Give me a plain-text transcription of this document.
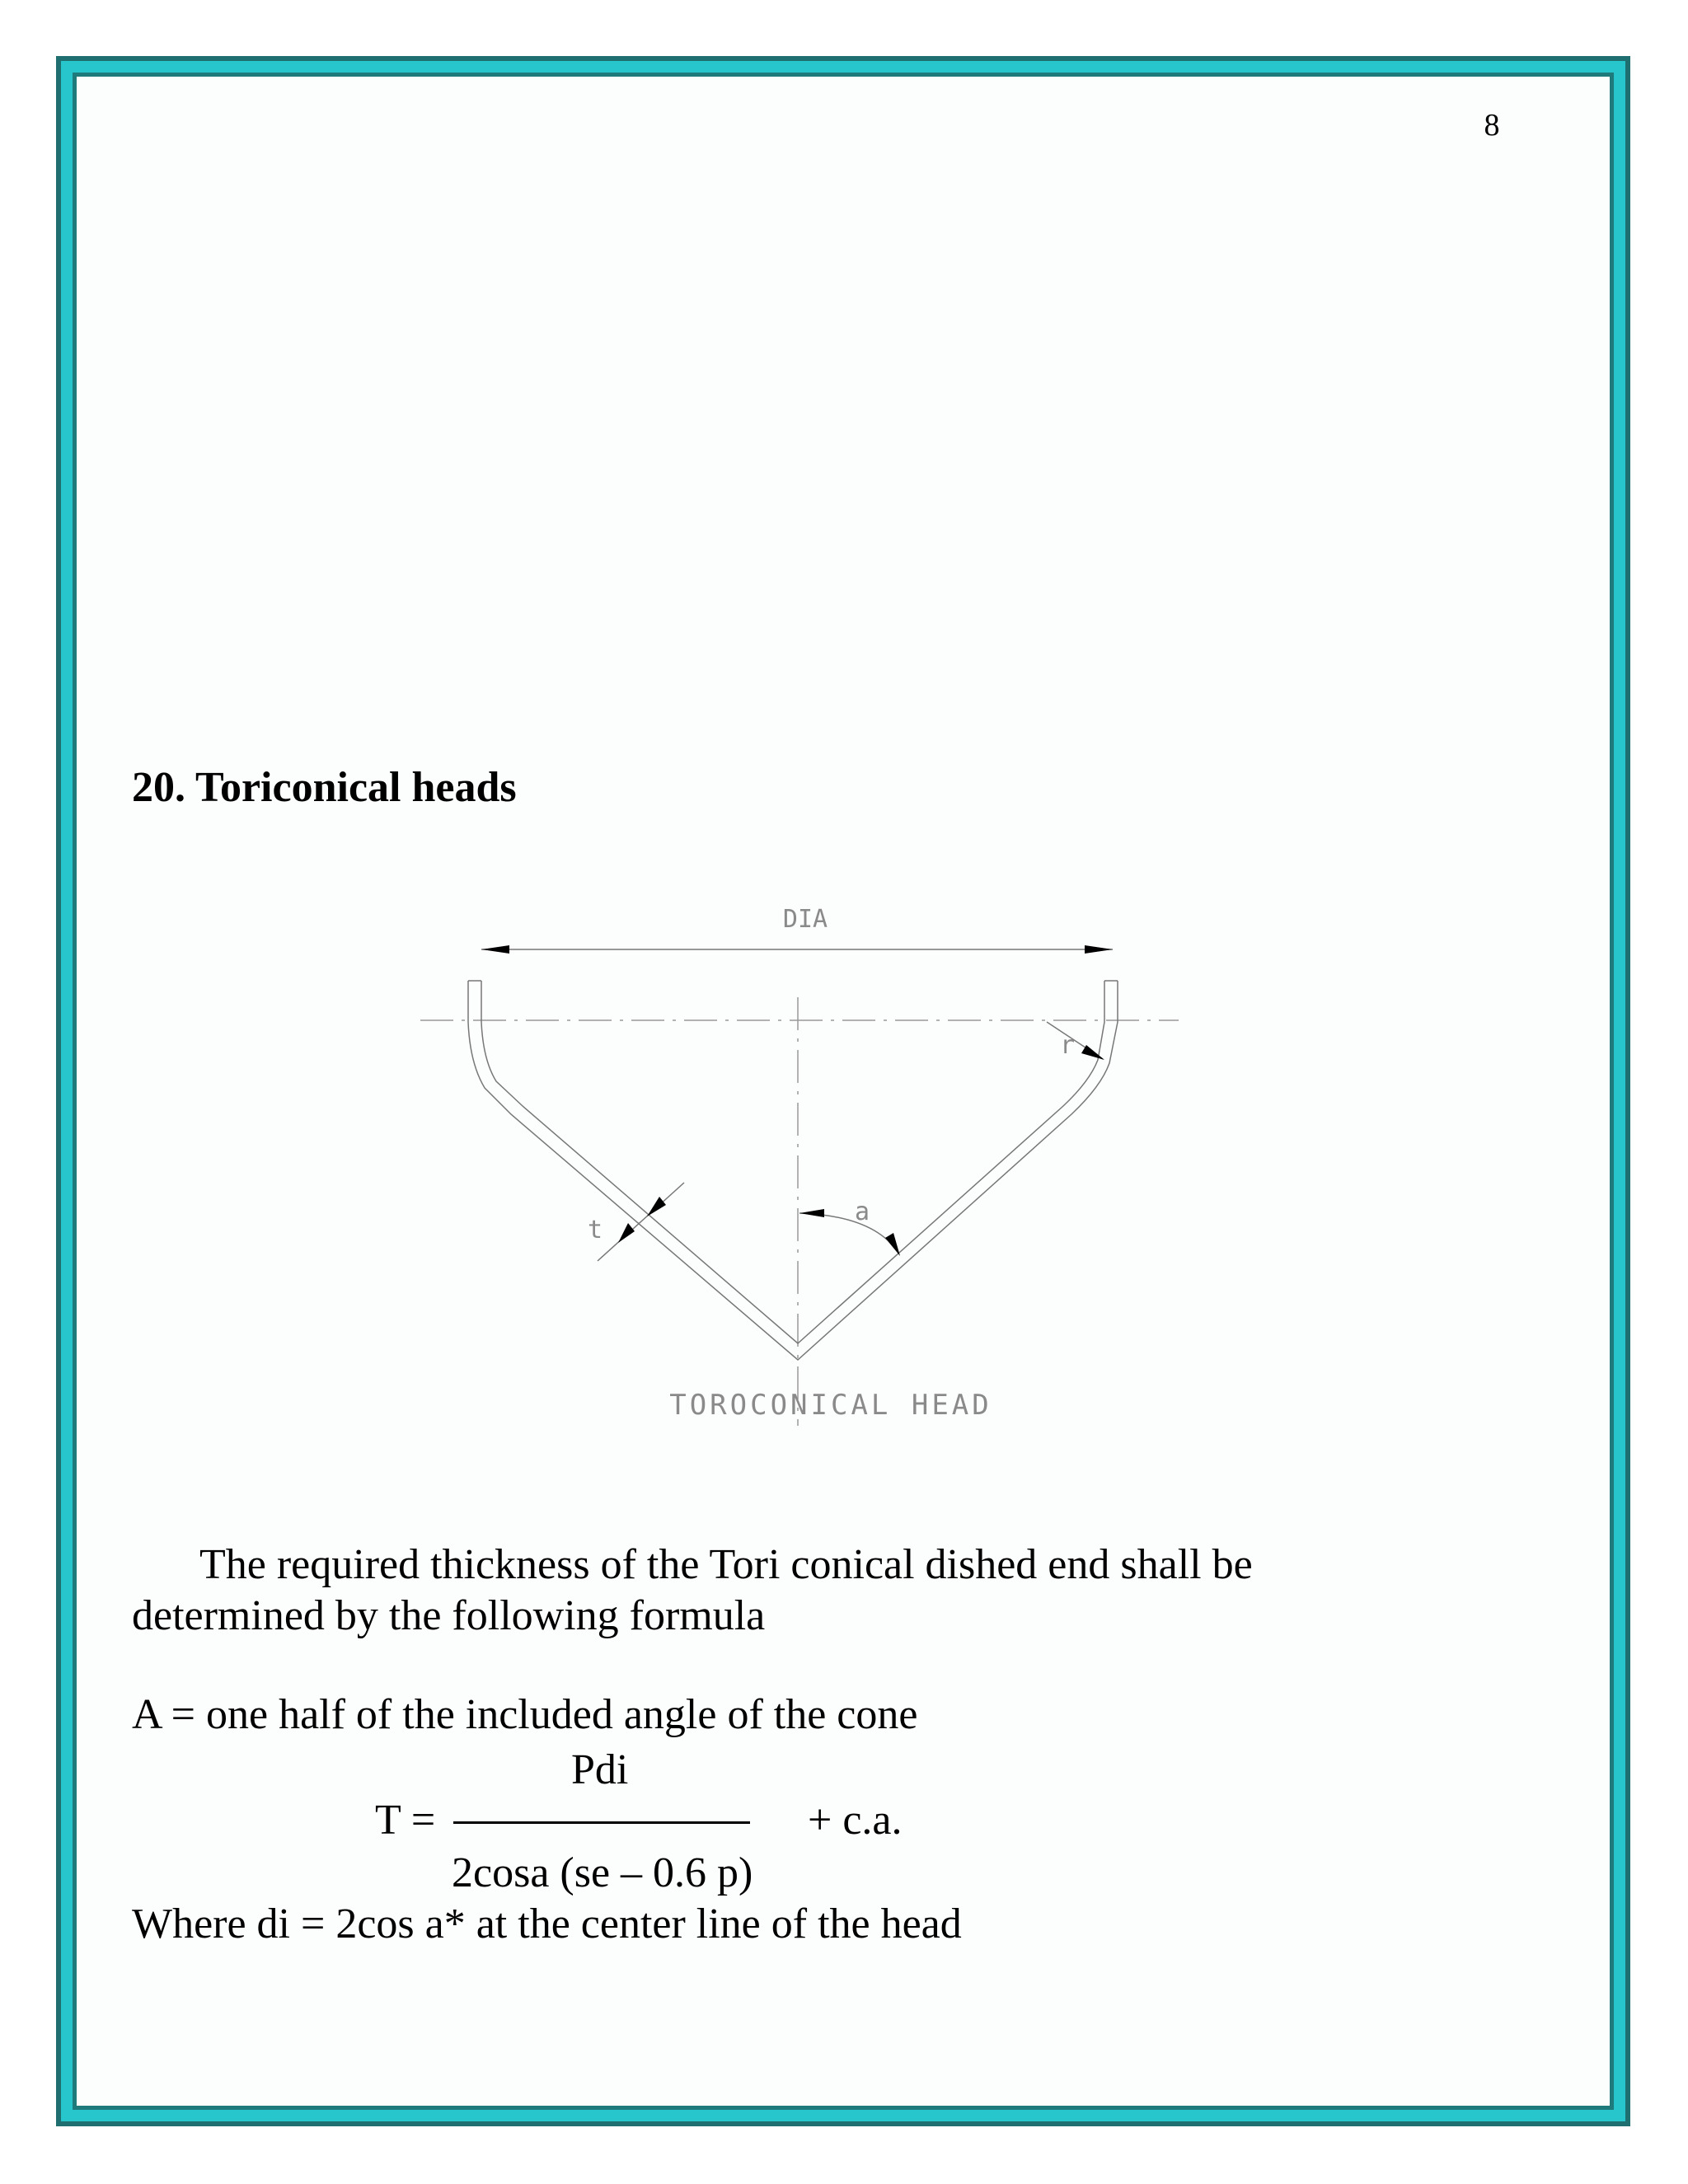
8
20. Toriconical heads
DIA
r
t
a
TOROCONICAL HEAD
The required thickness of the Tori conical dished end shall be
determined by the following formula
A = one half of the included angle of the cone
Pdi
T =	+ c.a.
2cosa (se – 0.6 p)
Where di = 2cos a* at the center line of the head
